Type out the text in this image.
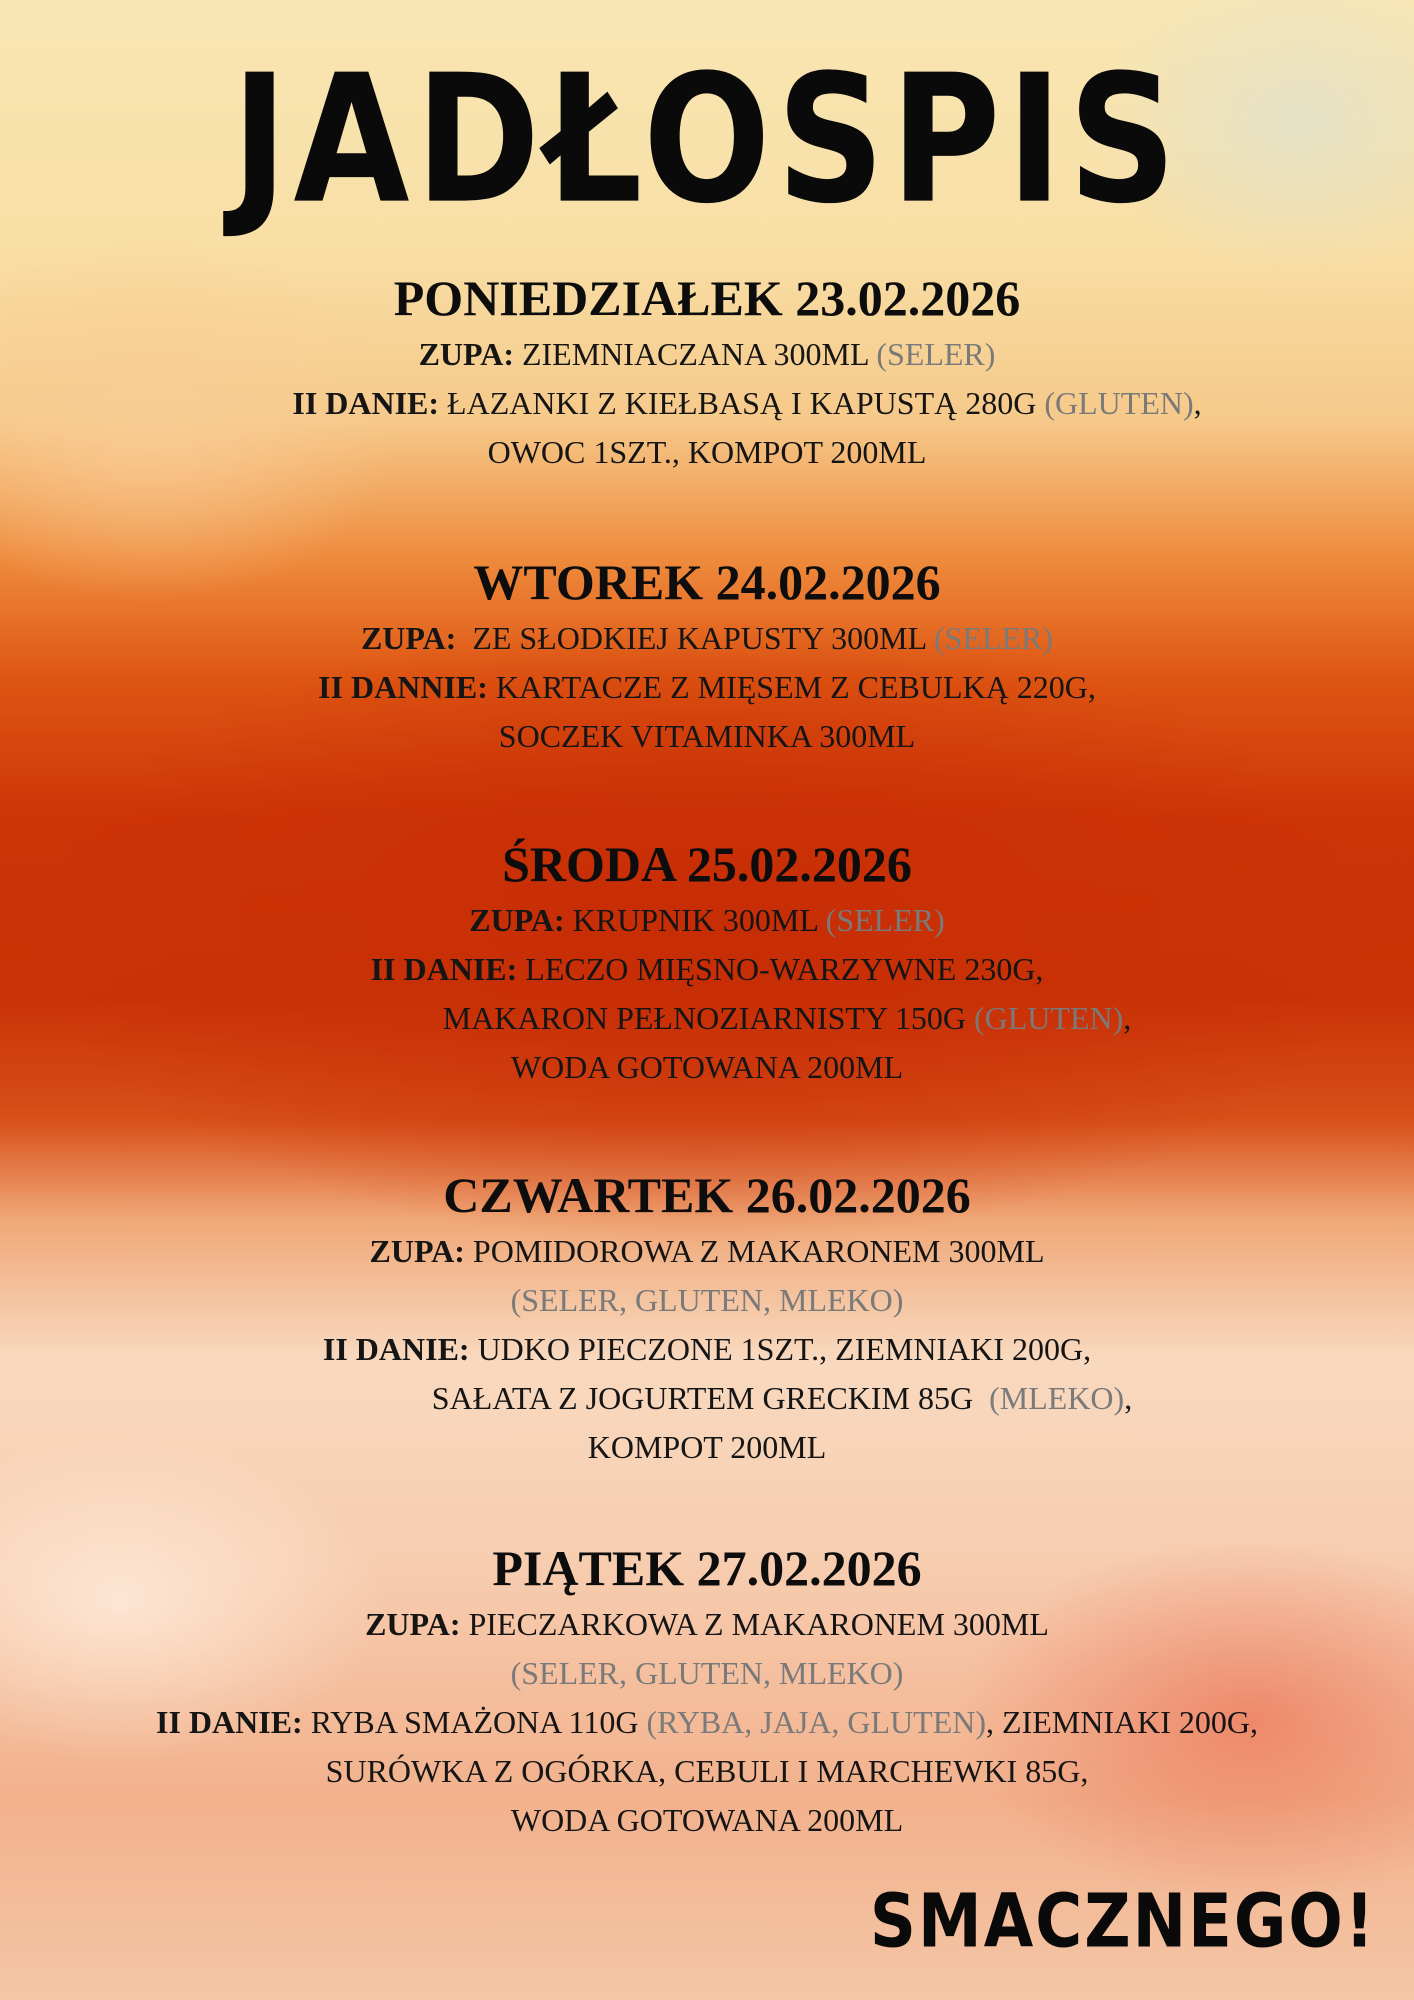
JADŁOSPIS
PONIEDZIAŁEK 23.02.2026
ZUPA: ZIEMNIACZANA 300ML (SELER)
II DANIE: ŁAZANKI Z KIEŁBASĄ I KAPUSTĄ 280G (GLUTEN),
OWOC 1SZT., KOMPOT 200ML
WTOREK 24.02.2026
ZUPA:  ZE SŁODKIEJ KAPUSTY 300ML (SELER)
II DANNIE: KARTACZE Z MIĘSEM Z CEBULKĄ 220G,
SOCZEK VITAMINKA 300ML
ŚRODA 25.02.2026
ZUPA: KRUPNIK 300ML (SELER)
II DANIE: LECZO MIĘSNO-WARZYWNE 230G,
MAKARON PEŁNOZIARNISTY 150G (GLUTEN),
WODA GOTOWANA 200ML
CZWARTEK 26.02.2026
ZUPA: POMIDOROWA Z MAKARONEM 300ML
(SELER, GLUTEN, MLEKO)
II DANIE: UDKO PIECZONE 1SZT., ZIEMNIAKI 200G,
SAŁATA Z JOGURTEM GRECKIM 85G  (MLEKO),
KOMPOT 200ML
PIĄTEK 27.02.2026
ZUPA: PIECZARKOWA Z MAKARONEM 300ML
(SELER, GLUTEN, MLEKO)
II DANIE: RYBA SMAŻONA 110G (RYBA, JAJA, GLUTEN), ZIEMNIAKI 200G,
SURÓWKA Z OGÓRKA, CEBULI I MARCHEWKI 85G,
WODA GOTOWANA 200ML
SMACZNEGO!
